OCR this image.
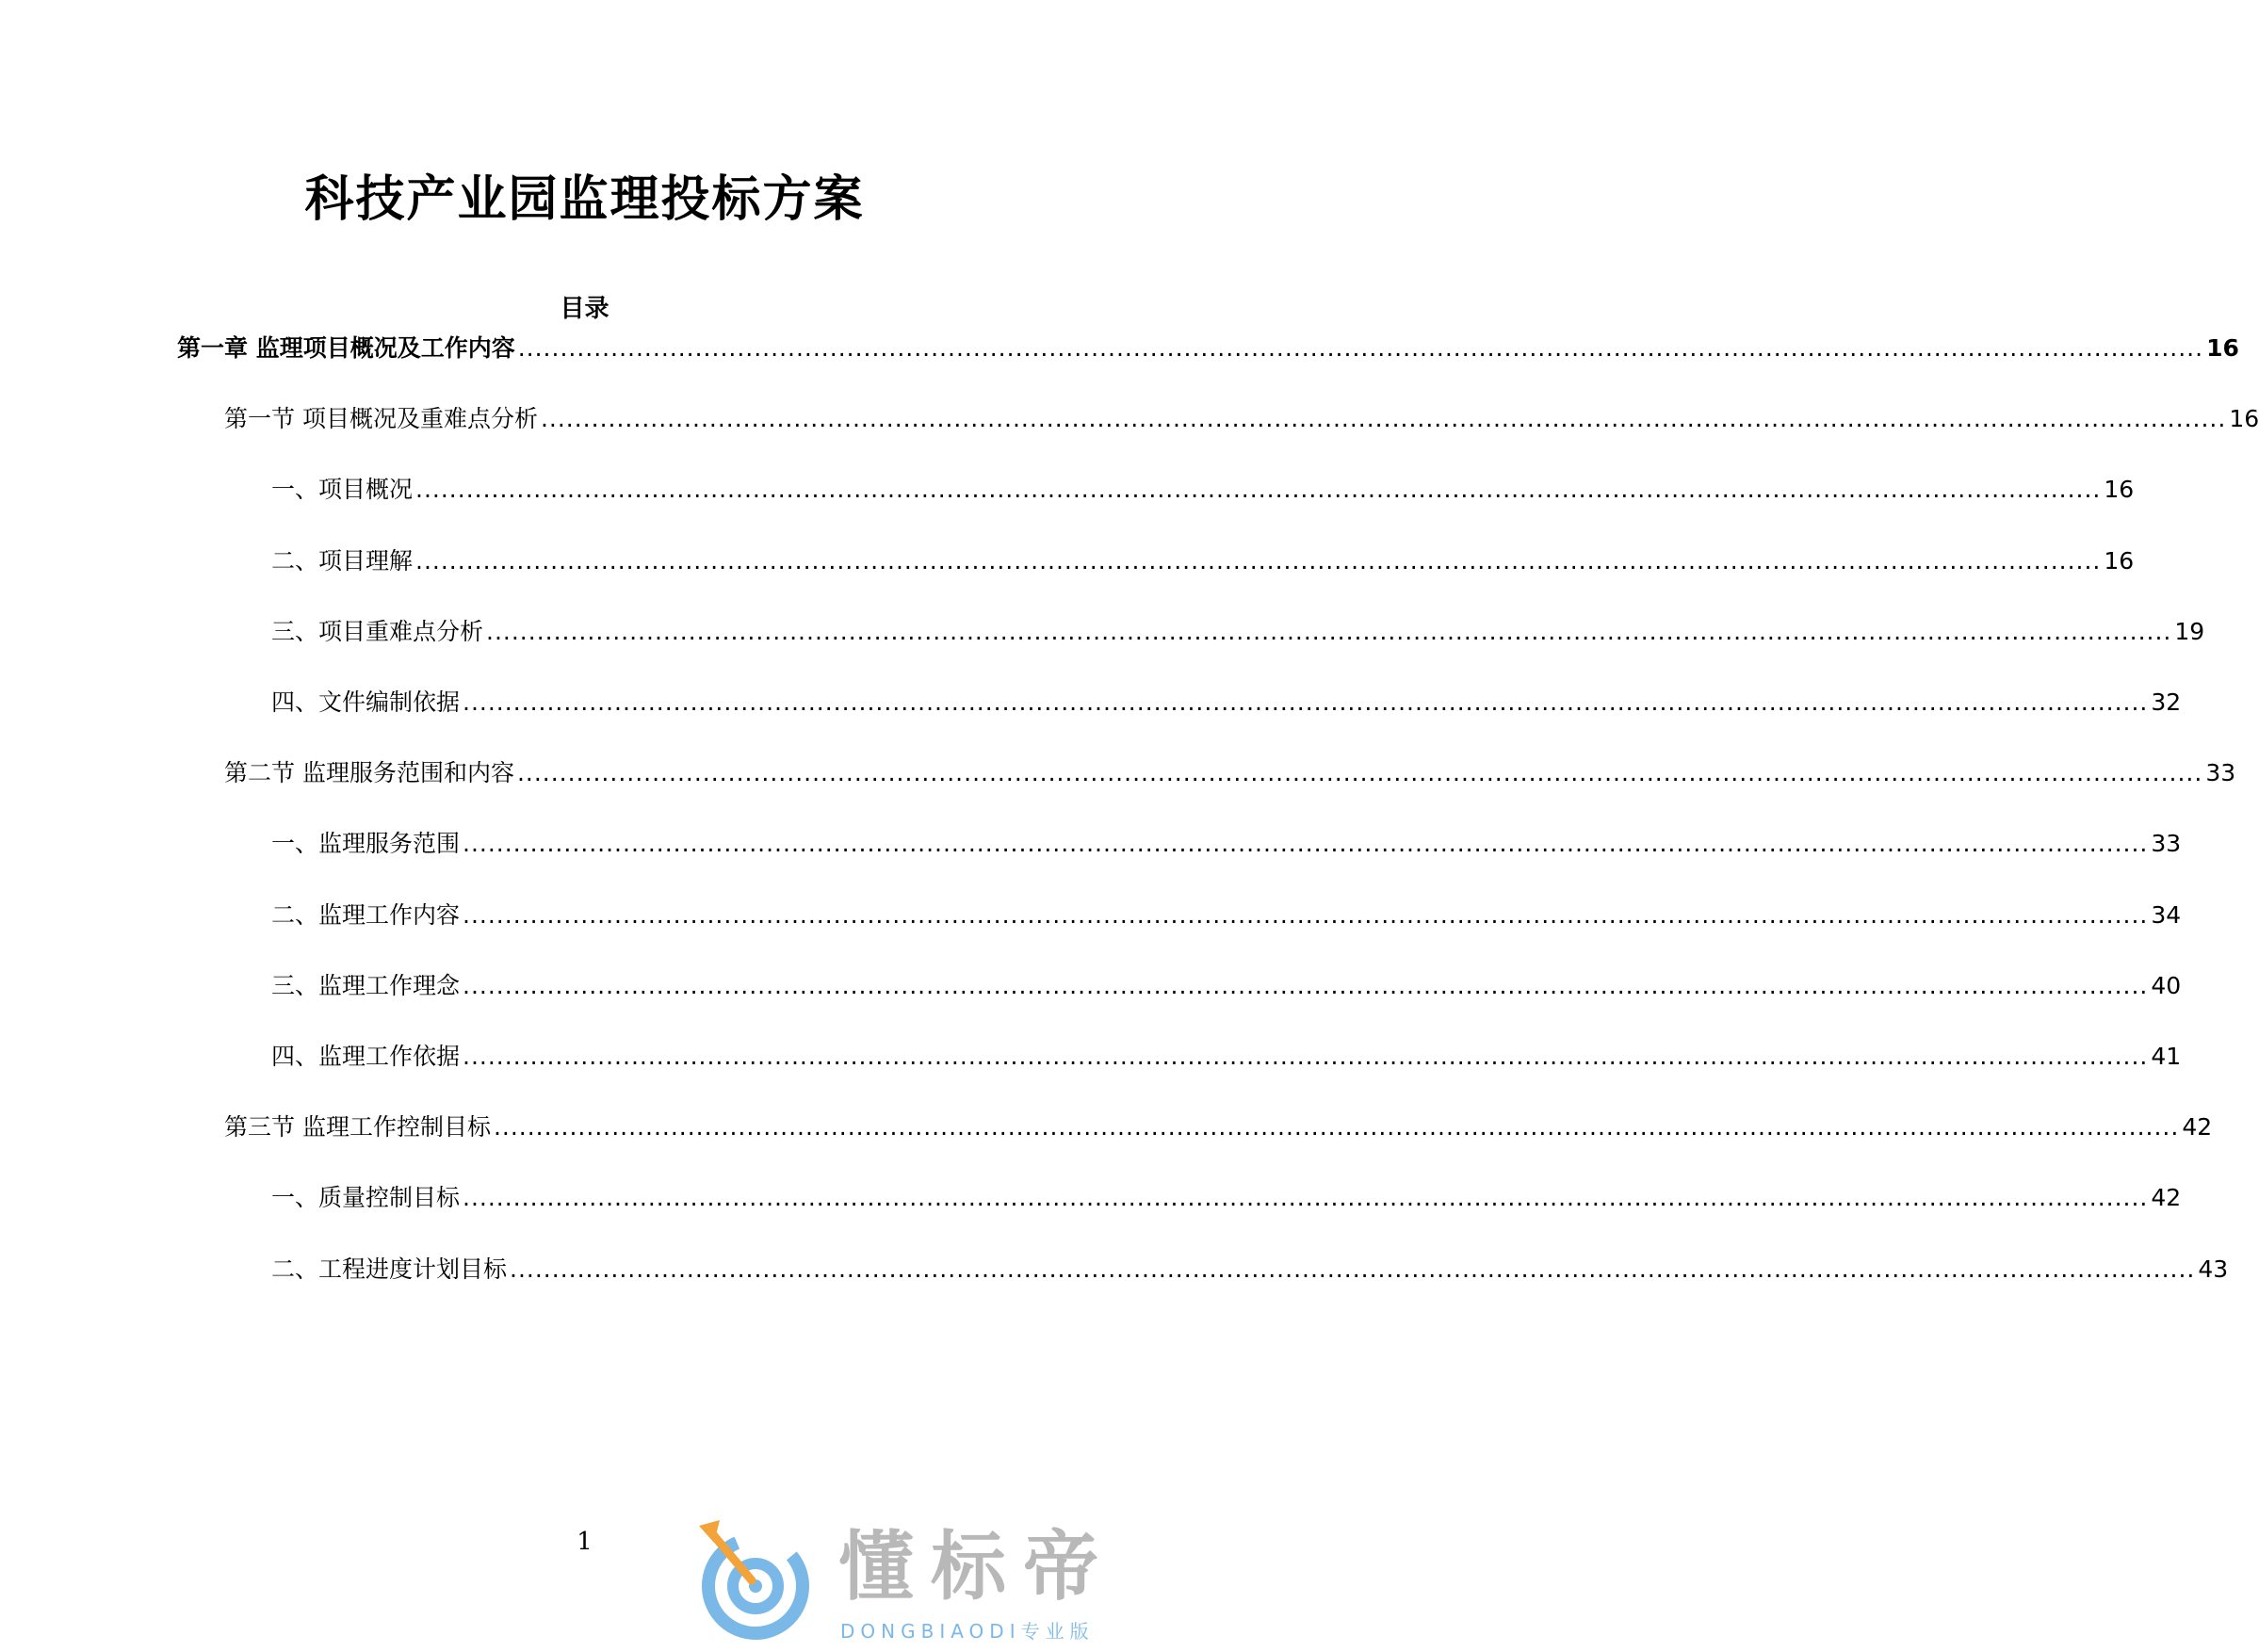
科技产业园监理投标方案
目录
第一章 监理项目概况及工作内容 ........................................................................................................................................................................................................ 16
第一节 项目概况及重难点分析 ........................................................................................................................................................................................................ 16
一、项目概况 ........................................................................................................................................................................................................ 16
二、项目理解 ........................................................................................................................................................................................................ 16
三、项目重难点分析 ........................................................................................................................................................................................................ 19
四、文件编制依据 ........................................................................................................................................................................................................ 32
第二节 监理服务范围和内容 ........................................................................................................................................................................................................ 33
一、监理服务范围 ........................................................................................................................................................................................................ 33
二、监理工作内容 ........................................................................................................................................................................................................ 34
三、监理工作理念 ........................................................................................................................................................................................................ 40
四、监理工作依据 ........................................................................................................................................................................................................ 41
第三节 监理工作控制目标 ........................................................................................................................................................................................................ 42
一、质量控制目标 ........................................................................................................................................................................................................ 42
二、工程进度计划目标 ........................................................................................................................................................................................................ 43
1	懂标帝
DONGBIAODI专业版
